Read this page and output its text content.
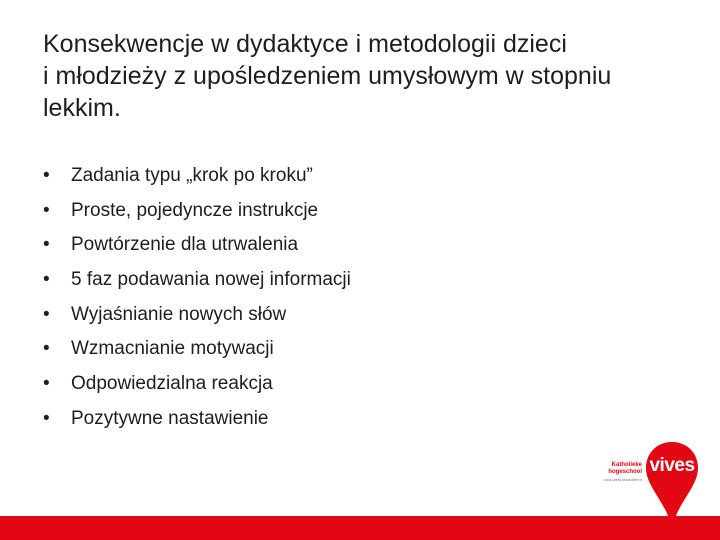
Konsekwencje w dydaktyce i metodologii dzieci
i młodzieży z upośledzeniem umysłowym w stopniu
lekkim.
• Zadania typu „krok po kroku”
• Proste, pojedyncze instrukcje
• Powtórzenie dla utrwalenia
• 5 faz podawania nowej informacji
• Wyjaśnianie nowych słów
• Wzmacnianie motywacji
• Odpowiedzialna reakcja
• Pozytywne nastawienie
Katholieke hogeschool
zuid-west-vlaanderen
vives
